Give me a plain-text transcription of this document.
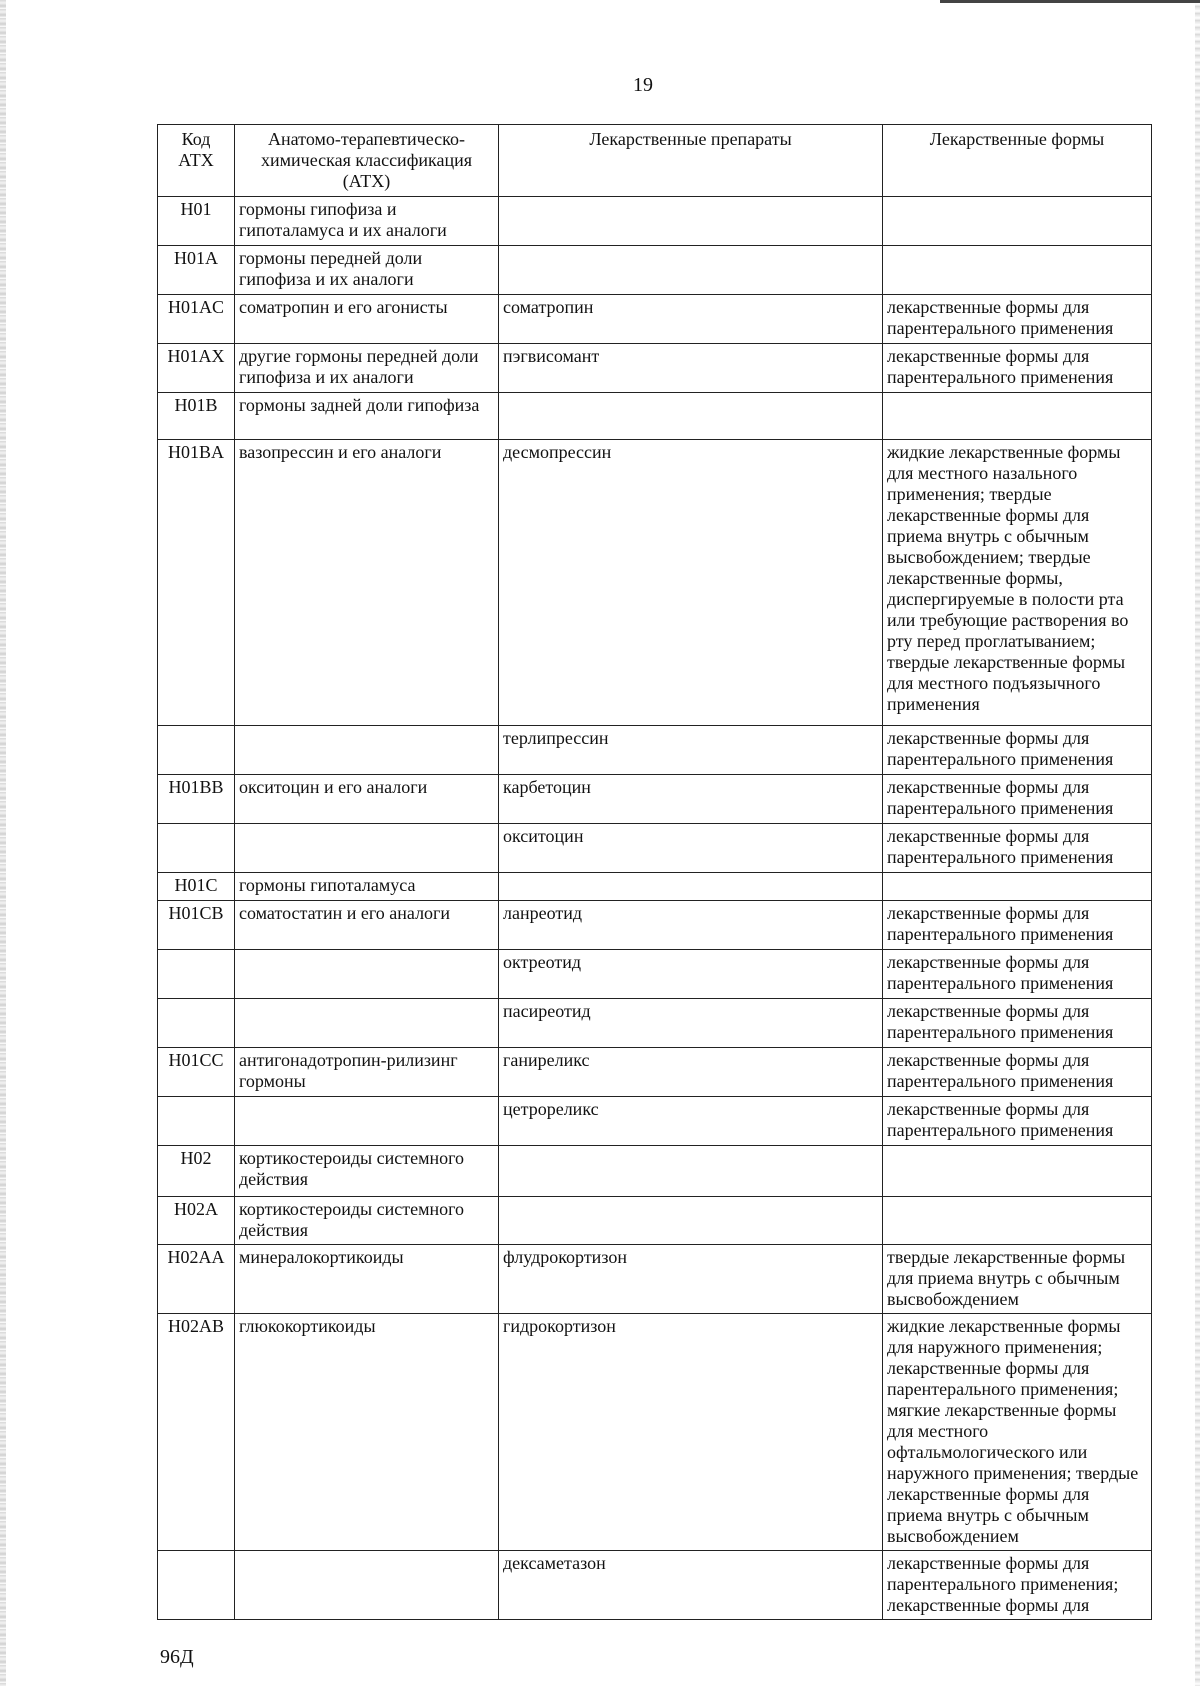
19
Код АТХ	Анатомо-терапевтическо-химическая классификация (АТХ)	Лекарственные препараты	Лекарственные формы
H01	гормоны гипофиза и гипоталамуса и их аналоги		
H01A	гормоны передней доли гипофиза и их аналоги		
H01AC	соматропин и его агонисты	соматропин	лекарственные формы для парентерального применения
H01AX	другие гормоны передней доли гипофиза и их аналоги	пэгвисомант	лекарственные формы для парентерального применения
H01B	гормоны задней доли гипофиза		
H01BA	вазопрессин и его аналоги	десмопрессин	жидкие лекарственные формы для местного назального применения; твердые лекарственные формы для приема внутрь с обычным высвобождением; твердые лекарственные формы, диспергируемые в полости рта или требующие растворения во рту перед проглатыванием; твердые лекарственные формы для местного подъязычного применения
		терлипрессин	лекарственные формы для парентерального применения
H01BB	окситоцин и его аналоги	карбетоцин	лекарственные формы для парентерального применения
		окситоцин	лекарственные формы для парентерального применения
H01C	гормоны гипоталамуса		
H01CB	соматостатин и его аналоги	ланреотид	лекарственные формы для парентерального применения
		октреотид	лекарственные формы для парентерального применения
		пасиреотид	лекарственные формы для парентерального применения
H01CC	антигонадотропин-рилизинг гормоны	ганиреликс	лекарственные формы для парентерального применения
		цетрореликс	лекарственные формы для парентерального применения
H02	кортикостероиды системного действия		
H02A	кортикостероиды системного действия		
H02AA	минералокортикоиды	флудрокортизон	твердые лекарственные формы для приема внутрь с обычным высвобождением
H02AB	глюкокортикоиды	гидрокортизон	жидкие лекарственные формы для наружного применения; лекарственные формы для парентерального применения; мягкие лекарственные формы для местного офтальмологического или наружного применения; твердые лекарственные формы для приема внутрь с обычным высвобождением
		дексаметазон	лекарственные формы для парентерального применения; лекарственные формы для
96Д
